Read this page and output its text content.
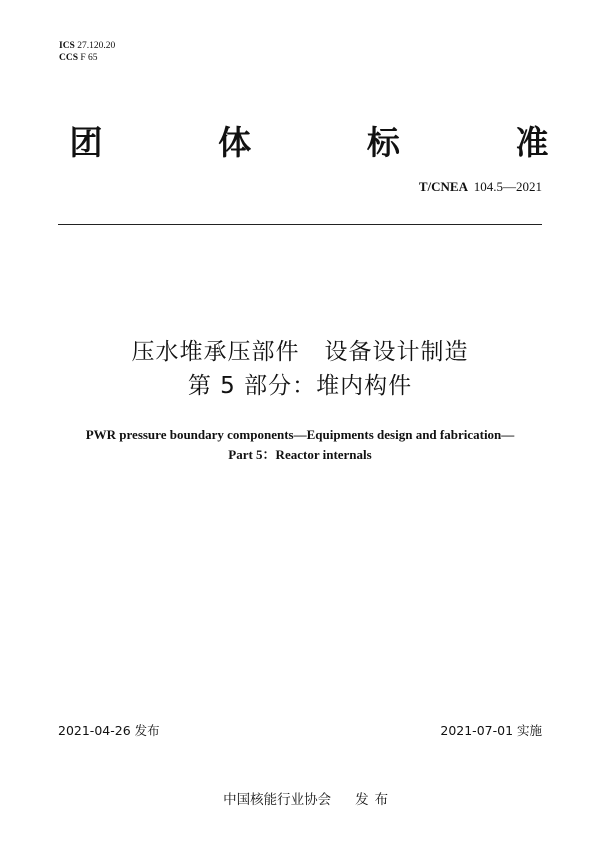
ICS 27.120.20
CCS F 65
团	体	标	准
T/CNEA 104.5—2021
压水堆承压部件   设备设计制造
第 5 部分：堆内构件
PWR pressure boundary components—Equipments design and fabrication—
Part 5：Reactor internals
2021-04-26 发布	2021-07-01 实施

中国核能行业协会 发布
